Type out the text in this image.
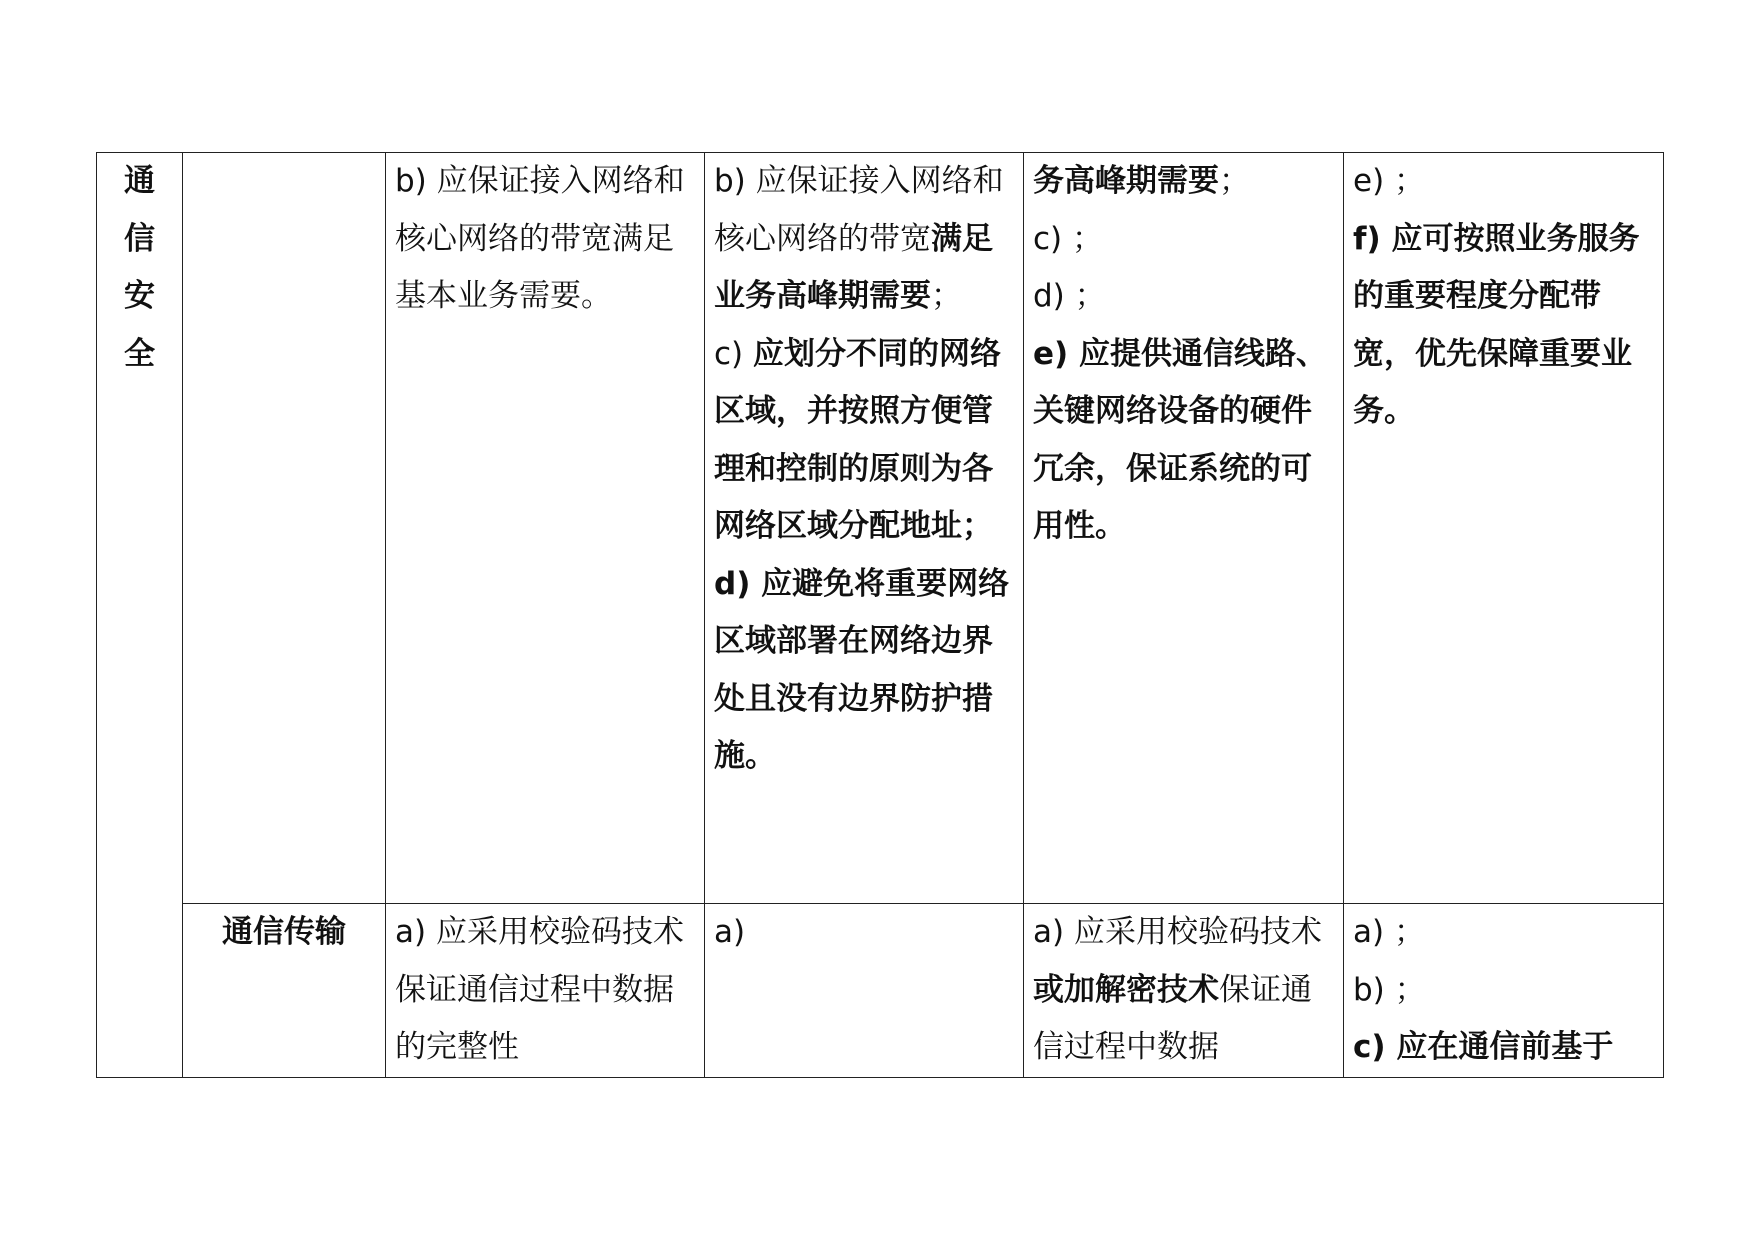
通信安全		b) 应保证接入网络和核心网络的带宽满足基本业务需要。	b) 应保证接入网络和核心网络的带宽满足业务高峰期需要；
c) 应划分不同的网络区域，并按照方便管理和控制的原则为各网络区域分配地址；
d) 应避免将重要网络区域部署在网络边界处且没有边界防护措施。	务高峰期需要；
c) ；
d) ；
e) 应提供通信线路、关键网络设备的硬件冗余，保证系统的可用性。	e) ；
f) 应可按照业务服务的重要程度分配带宽，优先保障重要业务。

	通信传输	a) 应采用校验码技术保证通信过程中数据的完整性	a)	a) 应采用校验码技术或加解密技术保证通信过程中数据	a) ；
b) ；
c) 应在通信前基于
